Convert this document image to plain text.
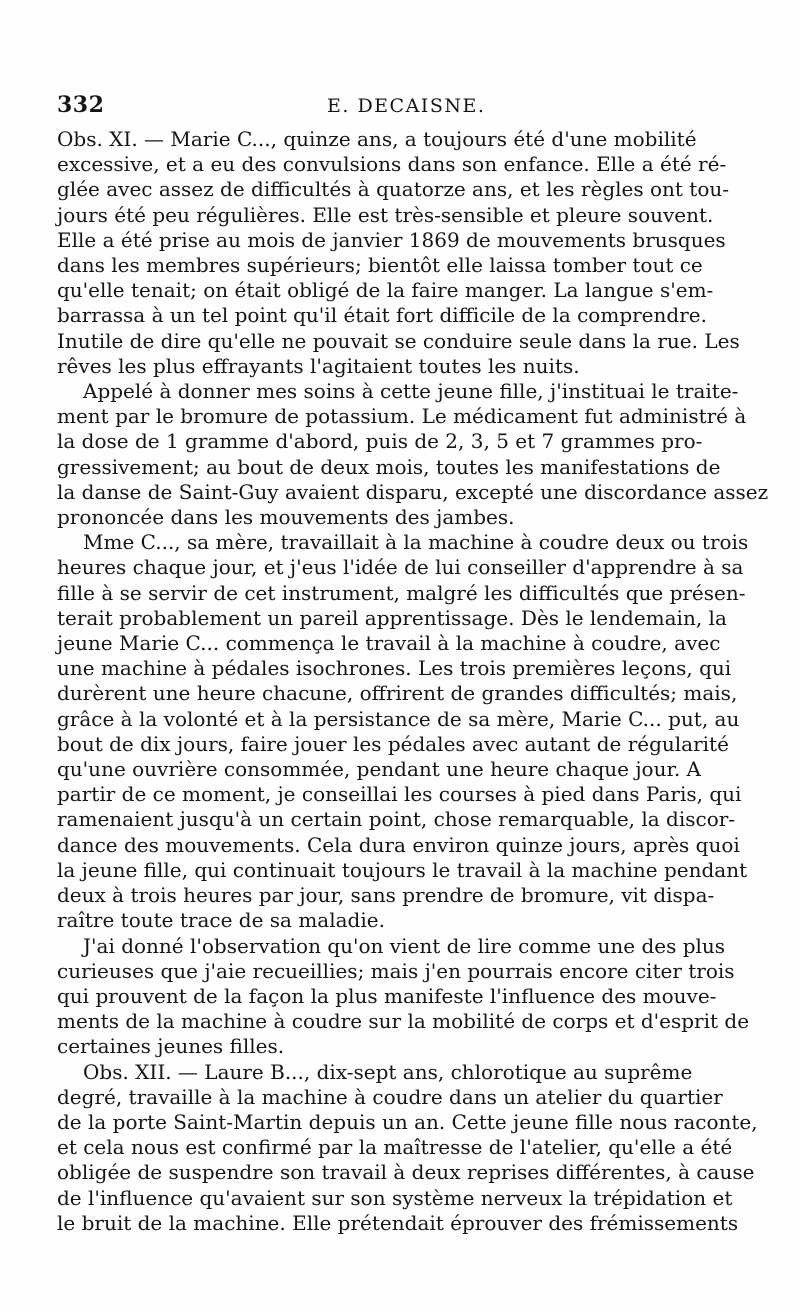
332	E. DECAISNE.

Obs. XI. — Marie C..., quinze ans, a toujours été d'une mobilité
excessive, et a eu des convulsions dans son enfance. Elle a été ré-
glée avec assez de difficultés à quatorze ans, et les règles ont tou-
jours été peu régulières. Elle est très-sensible et pleure souvent.
Elle a été prise au mois de janvier 1869 de mouvements brusques
dans les membres supérieurs; bientôt elle laissa tomber tout ce
qu'elle tenait; on était obligé de la faire manger. La langue s'em-
barrassa à un tel point qu'il était fort difficile de la comprendre.
Inutile de dire qu'elle ne pouvait se conduire seule dans la rue. Les
rêves les plus effrayants l'agitaient toutes les nuits.

Appelé à donner mes soins à cette jeune fille, j'instituai le traite-
ment par le bromure de potassium. Le médicament fut administré à
la dose de 1 gramme d'abord, puis de 2, 3, 5 et 7 grammes pro-
gressivement; au bout de deux mois, toutes les manifestations de
la danse de Saint-Guy avaient disparu, excepté une discordance assez
prononcée dans les mouvements des jambes.

Mme C..., sa mère, travaillait à la machine à coudre deux ou trois
heures chaque jour, et j'eus l'idée de lui conseiller d'apprendre à sa
fille à se servir de cet instrument, malgré les difficultés que présen-
terait probablement un pareil apprentissage. Dès le lendemain, la
jeune Marie C... commença le travail à la machine à coudre, avec
une machine à pédales isochrones. Les trois premières leçons, qui
durèrent une heure chacune, offrirent de grandes difficultés; mais,
grâce à la volonté et à la persistance de sa mère, Marie C... put, au
bout de dix jours, faire jouer les pédales avec autant de régularité
qu'une ouvrière consommée, pendant une heure chaque jour. A
partir de ce moment, je conseillai les courses à pied dans Paris, qui
ramenaient jusqu'à un certain point, chose remarquable, la discor-
dance des mouvements. Cela dura environ quinze jours, après quoi
la jeune fille, qui continuait toujours le travail à la machine pendant
deux à trois heures par jour, sans prendre de bromure, vit dispa-
raître toute trace de sa maladie.

J'ai donné l'observation qu'on vient de lire comme une des plus
curieuses que j'aie recueillies; mais j'en pourrais encore citer trois
qui prouvent de la façon la plus manifeste l'influence des mouve-
ments de la machine à coudre sur la mobilité de corps et d'esprit de
certaines jeunes filles.

Obs. XII. — Laure B..., dix-sept ans, chlorotique au suprême
degré, travaille à la machine à coudre dans un atelier du quartier
de la porte Saint-Martin depuis un an. Cette jeune fille nous raconte,
et cela nous est confirmé par la maîtresse de l'atelier, qu'elle a été
obligée de suspendre son travail à deux reprises différentes, à cause
de l'influence qu'avaient sur son système nerveux la trépidation et
le bruit de la machine. Elle prétendait éprouver des frémissements
